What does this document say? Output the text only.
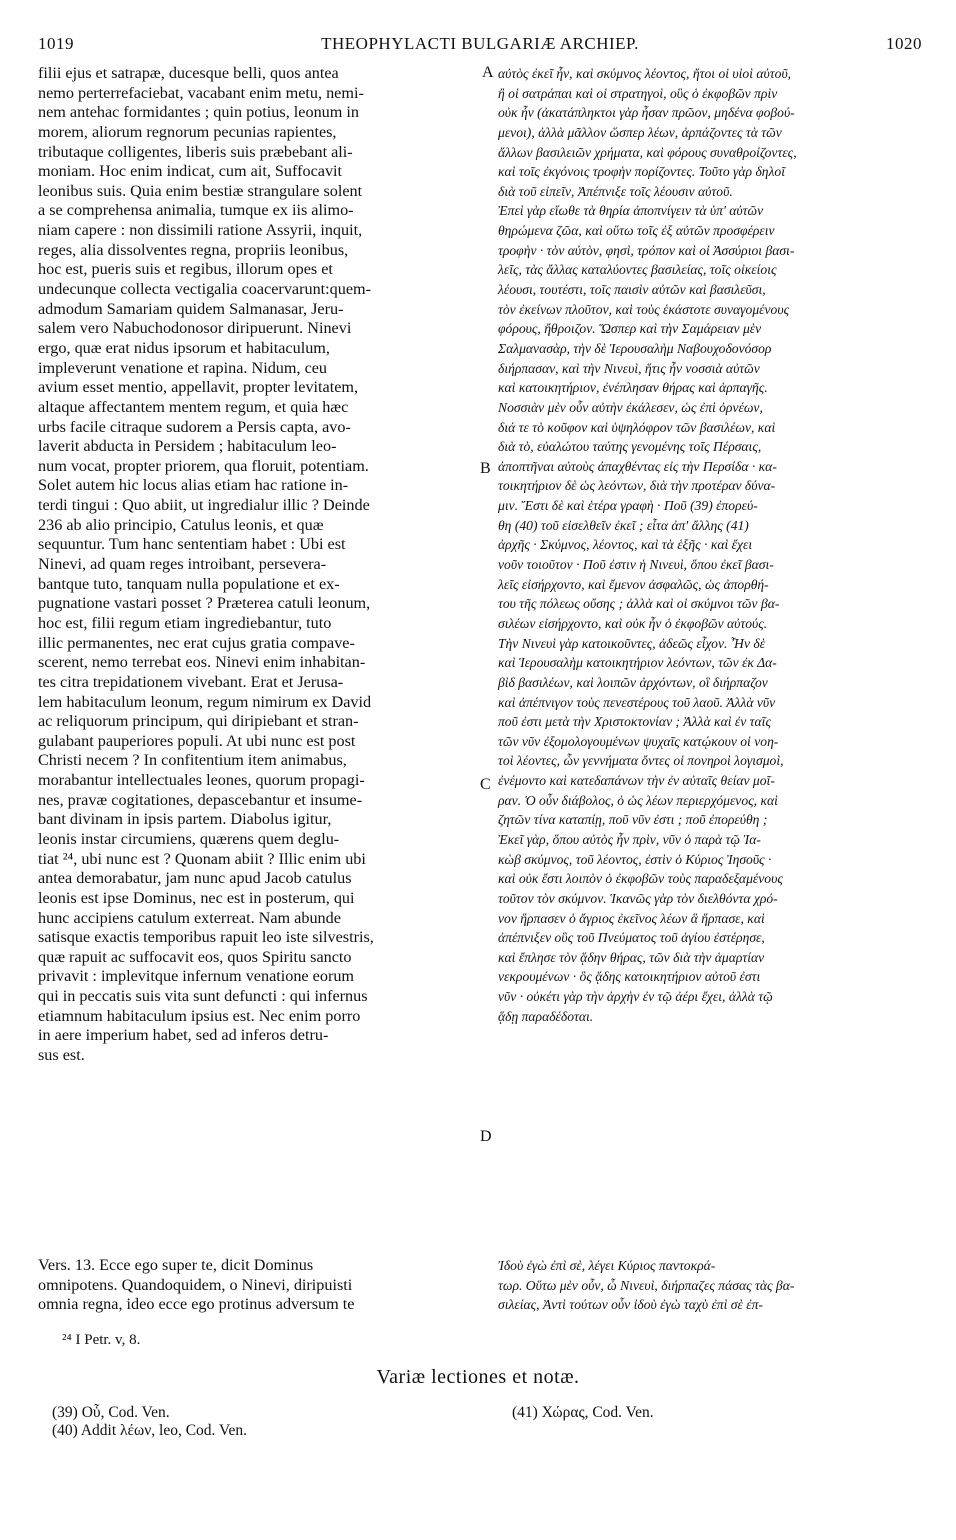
1019	THEOPHYLACTI BULGARIÆ ARCHIEP.	1020
A
B
C
D
filii ejus et satrapæ, ducesque belli, quos antea
nemo perterrefaciebat, vacabant enim metu, nemi-
nem antehac formidantes ; quin potius, leonum in
morem, aliorum regnorum pecunias rapientes,
tributaque colligentes, liberis suis præbebant ali-
moniam. Hoc enim indicat, cum ait, Suffocavit
leonibus suis. Quia enim bestiæ strangulare solent
a se comprehensa animalia, tumque ex iis alimo-
niam capere : non dissimili ratione Assyrii, inquit,
reges, alia dissolventes regna, propriis leonibus,
hoc est, pueris suis et regibus, illorum opes et
undecunque collecta vectigalia coacervarunt:quem-
admodum Samariam quidem Salmanasar, Jeru-
salem vero Nabuchodonosor diripuerunt. Ninevi
ergo, quæ erat nidus ipsorum et habitaculum,
impleverunt venatione et rapina. Nidum, ceu
avium esset mentio, appellavit, propter levitatem,
altaque affectantem mentem regum, et quia hæc
urbs facile citraque sudorem a Persis capta, avo-
laverit abducta in Persidem ; habitaculum leo-
num vocat, propter priorem, qua floruit, potentiam.
Solet autem hic locus alias etiam hac ratione in-
terdi tingui : Quo abiit, ut ingredialur illic ? Deinde
236 ab alio principio, Catulus leonis, et quæ
sequuntur. Tum hanc sententiam habet : Ubi est
Ninevi, ad quam reges introibant, persevera-
bantque tuto, tanquam nulla populatione et ex-
pugnatione vastari posset ? Præterea catuli leonum,
hoc est, filii regum etiam ingrediebantur, tuto
illic permanentes, nec erat cujus gratia compave-
scerent, nemo terrebat eos. Ninevi enim inhabitan-
tes citra trepidationem vivebant. Erat et Jerusa-
lem habitaculum leonum, regum nimirum ex David
ac reliquorum principum, qui diripiebant et stran-
gulabant pauperiores populi. At ubi nunc est post
Christi necem ? In confitentium item animabus,
morabantur intellectuales leones, quorum propagi-
nes, pravæ cogitationes, depascebantur et insume-
bant divinam in ipsis partem. Diabolus igitur,
leonis instar circumiens, quærens quem deglu-
tiat ²⁴, ubi nunc est ? Quonam abiit ? Illic enim ubi
antea demorabatur, jam nunc apud Jacob catulus
leonis est ipse Dominus, nec est in posterum, qui
hunc accipiens catulum exterreat. Nam abunde
satisque exactis temporibus rapuit leo iste silvestris,
quæ rapuit ac suffocavit eos, quos Spiritu sancto
privavit : implevitque infernum venatione eorum
qui in peccatis suis vita sunt defuncti : qui infernus
etiamnum habitaculum ipsius est. Nec enim porro
in aere imperium habet, sed ad inferos detru-
sus est.
αὐτὸς ἐκεῖ ἦν, καὶ σκύμνος λέοντος, ἤτοι οἱ υἱοὶ αὐτοῦ,
ἢ οἱ σατράπαι καὶ οἱ στρατηγοὶ, οὓς ὁ ἐκφοβῶν πρὶν
οὐκ ἦν (ἀκατάπληκτοι γὰρ ἦσαν πρῶον, μηδένα φοβού-
μενοι), ἀλλὰ μᾶλλον ὥσπερ λέων, ἁρπάζοντες τὰ τῶν
ἄλλων βασιλειῶν χρήματα, καὶ φόρους συναθροίζοντες,
καὶ τοῖς ἐκγόνοις τροφὴν πορίζοντες. Τοῦτο γὰρ δηλοῖ
διὰ τοῦ εἰπεῖν, Ἀπέπνιξε τοῖς λέουσιν αὐτοῦ.
Ἐπεὶ γὰρ εἴωθε τὰ θηρία ἀποπνίγειν τὰ ὑπ' αὐτῶν
θηρώμενα ζῶα, καὶ οὕτω τοῖς ἐξ αὐτῶν προσφέρειν
τροφὴν · τὸν αὐτὸν, φησὶ, τρόπον καὶ οἱ Ἀσσύριοι βασι-
λεῖς, τὰς ἄλλας καταλύοντες βασιλείας, τοῖς οἰκείοις
λέουσι, τουτέστι, τοῖς παισὶν αὐτῶν καὶ βασιλεῦσι,
τὸν ἐκείνων πλοῦτον, καὶ τοὺς ἑκάστοτε συναγομένους
φόρους, ἤθροιζον. Ὥσπερ καὶ τὴν Σαμάρειαν μὲν
Σαλμανασὰρ, τὴν δὲ Ἱερουσαλὴμ Ναβουχοδονόσορ
διήρπασαν, καὶ τὴν Νινευὶ, ἥτις ἦν νοσσιὰ αὐτῶν
καὶ κατοικητήριον, ἐνέπλησαν θήρας καὶ ἁρπαγῆς.
Νοσσιὰν μὲν οὖν αὐτὴν ἐκάλεσεν, ὡς ἐπὶ ὀρνέων,
διά τε τὸ κοῦφον καὶ ὑψηλόφρον τῶν βασιλέων, καὶ
διὰ τὸ, εὐαλώτου ταύτης γενομένης τοῖς Πέρσαις,
ἀποπτῆναι αὐτοὺς ἀπαχθέντας εἰς τὴν Περσίδα · κα-
τοικητήριον δὲ ὡς λεόντων, διὰ τὴν προτέραν δύνα-
μιν. Ἔστι δὲ καὶ ἑτέρα γραφὴ · Ποῦ (39) ἐπορεύ-
θη (40) τοῦ εἰσελθεῖν ἐκεῖ ; εἶτα ἀπ' ἄλλης (41)
ἀρχῆς · Σκύμνος, λέοντος, καὶ τὰ ἑξῆς · καὶ ἔχει
νοῦν τοιοῦτον · Ποῦ ἐστιν ἡ Νινευὶ, ὅπου ἐκεῖ βασι-
λεῖς εἰσήρχοντο, καὶ ἔμενον ἀσφαλῶς, ὡς ἀπορθή-
του τῆς πόλεως οὔσης ; ἀλλὰ καὶ οἱ σκύμνοι τῶν βα-
σιλέων εἰσήρχοντο, καὶ οὐκ ἦν ὁ ἐκφοβῶν αὐτούς.
Τὴν Νινευὶ γὰρ κατοικοῦντες, ἀδεῶς εἶχον. Ἦν δὲ
καὶ Ἱερουσαλὴμ κατοικητήριον λεόντων, τῶν ἐκ Δα-
βὶδ βασιλέων, καὶ λοιπῶν ἀρχόντων, οἳ διήρπαζον
καὶ ἀπέπνιγον τοὺς πενεστέρους τοῦ λαοῦ. Ἀλλὰ νῦν
ποῦ ἐστι μετὰ τὴν Χριστοκτονίαν ; Ἀλλὰ καὶ ἐν ταῖς
τῶν νῦν ἐξομολογουμένων ψυχαῖς κατῴκουν οἱ νοη-
τοὶ λέοντες, ὧν γεννήματα ὄντες οἱ πονηροὶ λογισμοὶ,
ἐνέμοντο καὶ κατεδαπάνων τὴν ἐν αὐταῖς θείαν μοῖ-
ραν. Ὁ οὖν διάβολος, ὁ ὡς λέων περιερχόμενος, καὶ
ζητῶν τίνα καταπίῃ, ποῦ νῦν ἐστι ; ποῦ ἐπορεύθη ;
Ἐκεῖ γὰρ, ὅπου αὐτὸς ἦν πρὶν, νῦν ὁ παρὰ τῷ Ἰα-
κὼβ σκύμνος, τοῦ λέοντος, ἐστὶν ὁ Κύριος Ἰησοῦς ·
καὶ οὐκ ἔστι λοιπὸν ὁ ἐκφοβῶν τοὺς παραδεξαμένους
τοῦτον τὸν σκύμνον. Ἱκανῶς γὰρ τὸν διελθόντα χρό-
νον ἥρπασεν ὁ ἄγριος ἐκεῖνος λέων ἃ ἥρπασε, καὶ
ἀπέπνιξεν οὓς τοῦ Πνεύματος τοῦ ἁγίου ἐστέρησε,
καὶ ἔπλησε τὸν ᾅδην θήρας, τῶν διὰ τὴν ἁμαρτίαν
νεκρουμένων · ὃς ᾅδης κατοικητήριον αὐτοῦ ἐστι
νῦν · οὐκέτι γὰρ τὴν ἀρχὴν ἐν τῷ ἀέρι ἔχει, ἀλλὰ τῷ
ᾅδῃ παραδέδοται.
Vers. 13. Ecce ego super te, dicit Dominus
omnipotens. Quandoquidem, o Ninevi, diripuisti
omnia regna, ideo ecce ego protinus adversum te
Ἰδοὺ ἐγὼ ἐπὶ σὲ, λέγει Κύριος παντοκρά-
τωρ. Οὕτω μὲν οὖν, ὦ Νινευὶ, διήρπαζες πάσας τὰς βα-
σιλείας, Ἀντὶ τούτων οὖν ἰδοὺ ἐγὼ ταχὺ ἐπὶ σὲ ἐπ-
²⁴ I Petr. v, 8.
Variæ lectiones et notæ.
(39) Οὗ, Cod. Ven.
(40) Addit λέων, leo, Cod. Ven.
(41) Χώρας, Cod. Ven.
